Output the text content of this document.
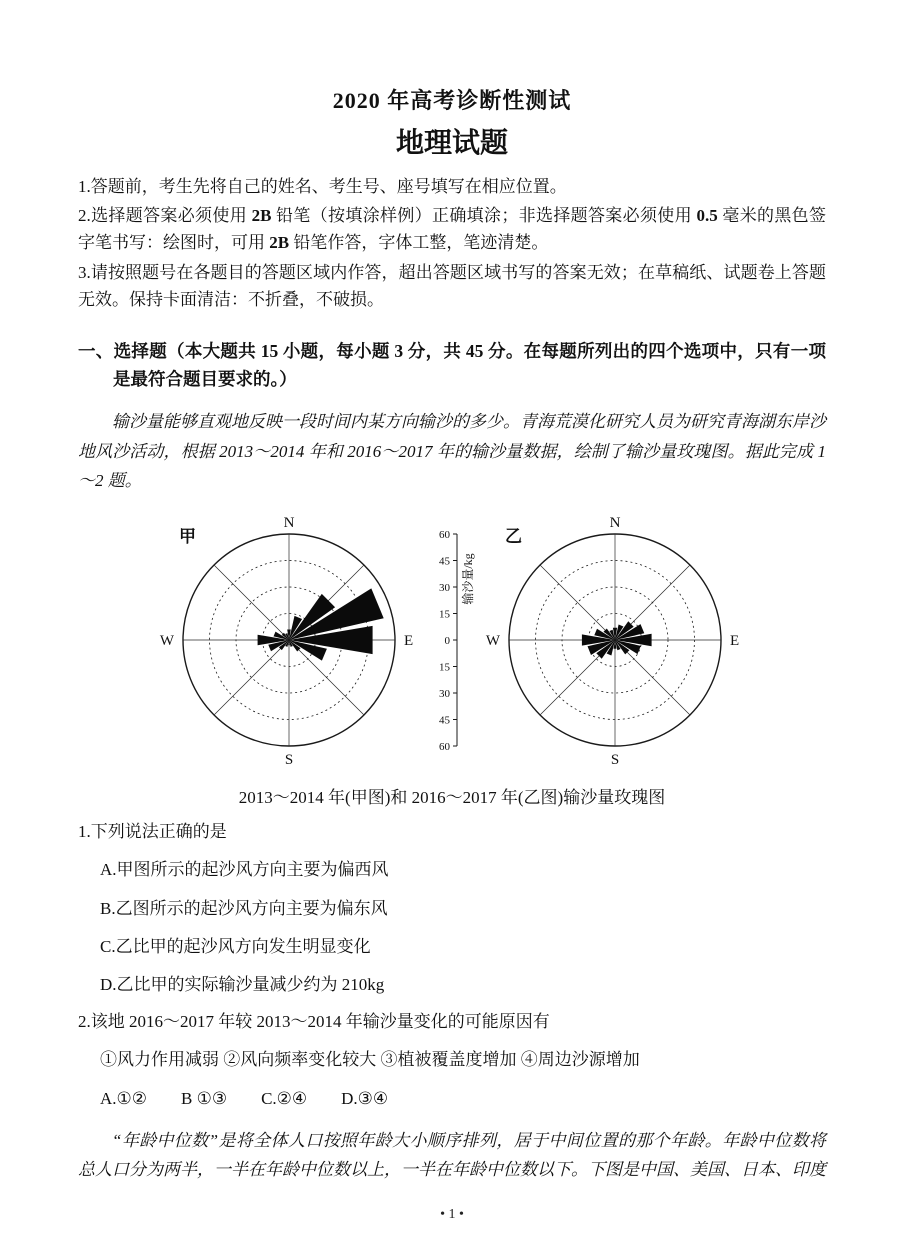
2020 年高考诊断性测试
地理试题

1.答题前，考生先将自己的姓名、考生号、座号填写在相应位置。

2.选择题答案必须使用 2B 铅笔（按填涂样例）正确填涂；非选择题答案必须使用 0.5 毫米的黑色签字笔书写：绘图时，可用 2B 铅笔作答，字体工整，笔迹清楚。

3.请按照题号在各题目的答题区域内作答，超出答题区域书写的答案无效；在草稿纸、试题卷上答题无效。保持卡面清洁：不折叠，不破损。

一、选择题（本大题共 15 小题，每小题 3 分，共 45 分。在每题所列出的四个选项中，只有一项是最符合题目要求的。）

输沙量能够直观地反映一段时间内某方向输沙的多少。青海荒漠化研究人员为研究青海湖东岸沙地风沙活动，根据 2013～2014 年和 2016～2017 年的输沙量数据，绘制了输沙量玫瑰图。据此完成 1～2 题。

N
E
S
W
甲	60
45
30
15
0
15
30
45
60
输沙量/kg
N
E
S
W
乙

2013～2014 年(甲图)和 2016～2017 年(乙图)输沙量玫瑰图

1.下列说法正确的是

A.甲图所示的起沙风方向主要为偏西风

B.乙图所示的起沙风方向主要为偏东风

C.乙比甲的起沙风方向发生明显变化

D.乙比甲的实际输沙量减少约为 210kg

2.该地 2016～2017 年较 2013～2014 年输沙量变化的可能原因有

①风力作用减弱 ②风向频率变化较大 ③植被覆盖度增加 ④周边沙源增加

A.①②　　B ①③　　C.②④　　D.③④

“年龄中位数”是将全体人口按照年龄大小顺序排列，居于中间位置的那个年龄。年龄中位数将总人口分为两半，一半在年龄中位数以上，一半在年龄中位数以下。下图是中国、美国、日本、印度

• 1 •
